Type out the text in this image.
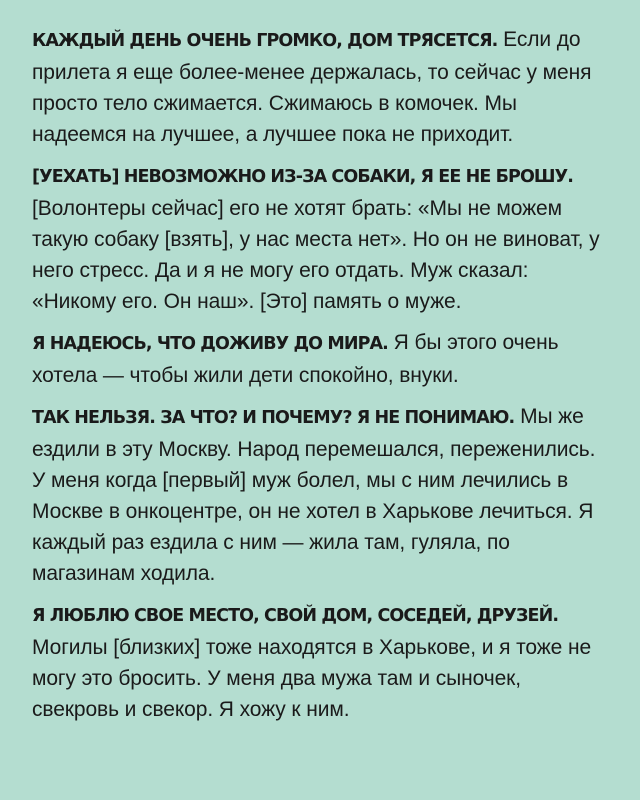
КАЖДЫЙ ДЕНЬ ОЧЕНЬ ГРОМКО, ДОМ ТРЯСЕТСЯ. Если до прилета я еще более-менее держалась, то сейчас у меня просто тело сжимается. Сжимаюсь в комочек. Мы надеемся на лучшее, а лучшее пока не приходит.

[УЕХАТЬ] НЕВОЗМОЖНО ИЗ-ЗА СОБАКИ, Я ЕЕ НЕ БРОШУ. [Волонтеры сейчас] его не хотят брать: «Мы не можем такую собаку [взять], у нас места нет». Но он не виноват, у него стресс. Да и я не могу его отдать. Муж сказал: «Никому его. Он наш». [Это] память о муже.

Я НАДЕЮСЬ, ЧТО ДОЖИВУ ДО МИРА. Я бы этого очень хотела — чтобы жили дети спокойно, внуки.

ТАК НЕЛЬЗЯ. ЗА ЧТО? И ПОЧЕМУ? Я НЕ ПОНИМАЮ. Мы же ездили в эту Москву. Народ перемешался, переженились. У меня когда [первый] муж болел, мы с ним лечились в Москве в онкоцентре, он не хотел в Харькове лечиться. Я каждый раз ездила с ним — жила там, гуляла, по магазинам ходила.

Я ЛЮБЛЮ СВОЕ МЕСТО, СВОЙ ДОМ, СОСЕДЕЙ, ДРУЗЕЙ. Могилы [близких] тоже находятся в Харькове, и я тоже не могу это бросить. У меня два мужа там и сыночек, свекровь и свекор. Я хожу к ним.
